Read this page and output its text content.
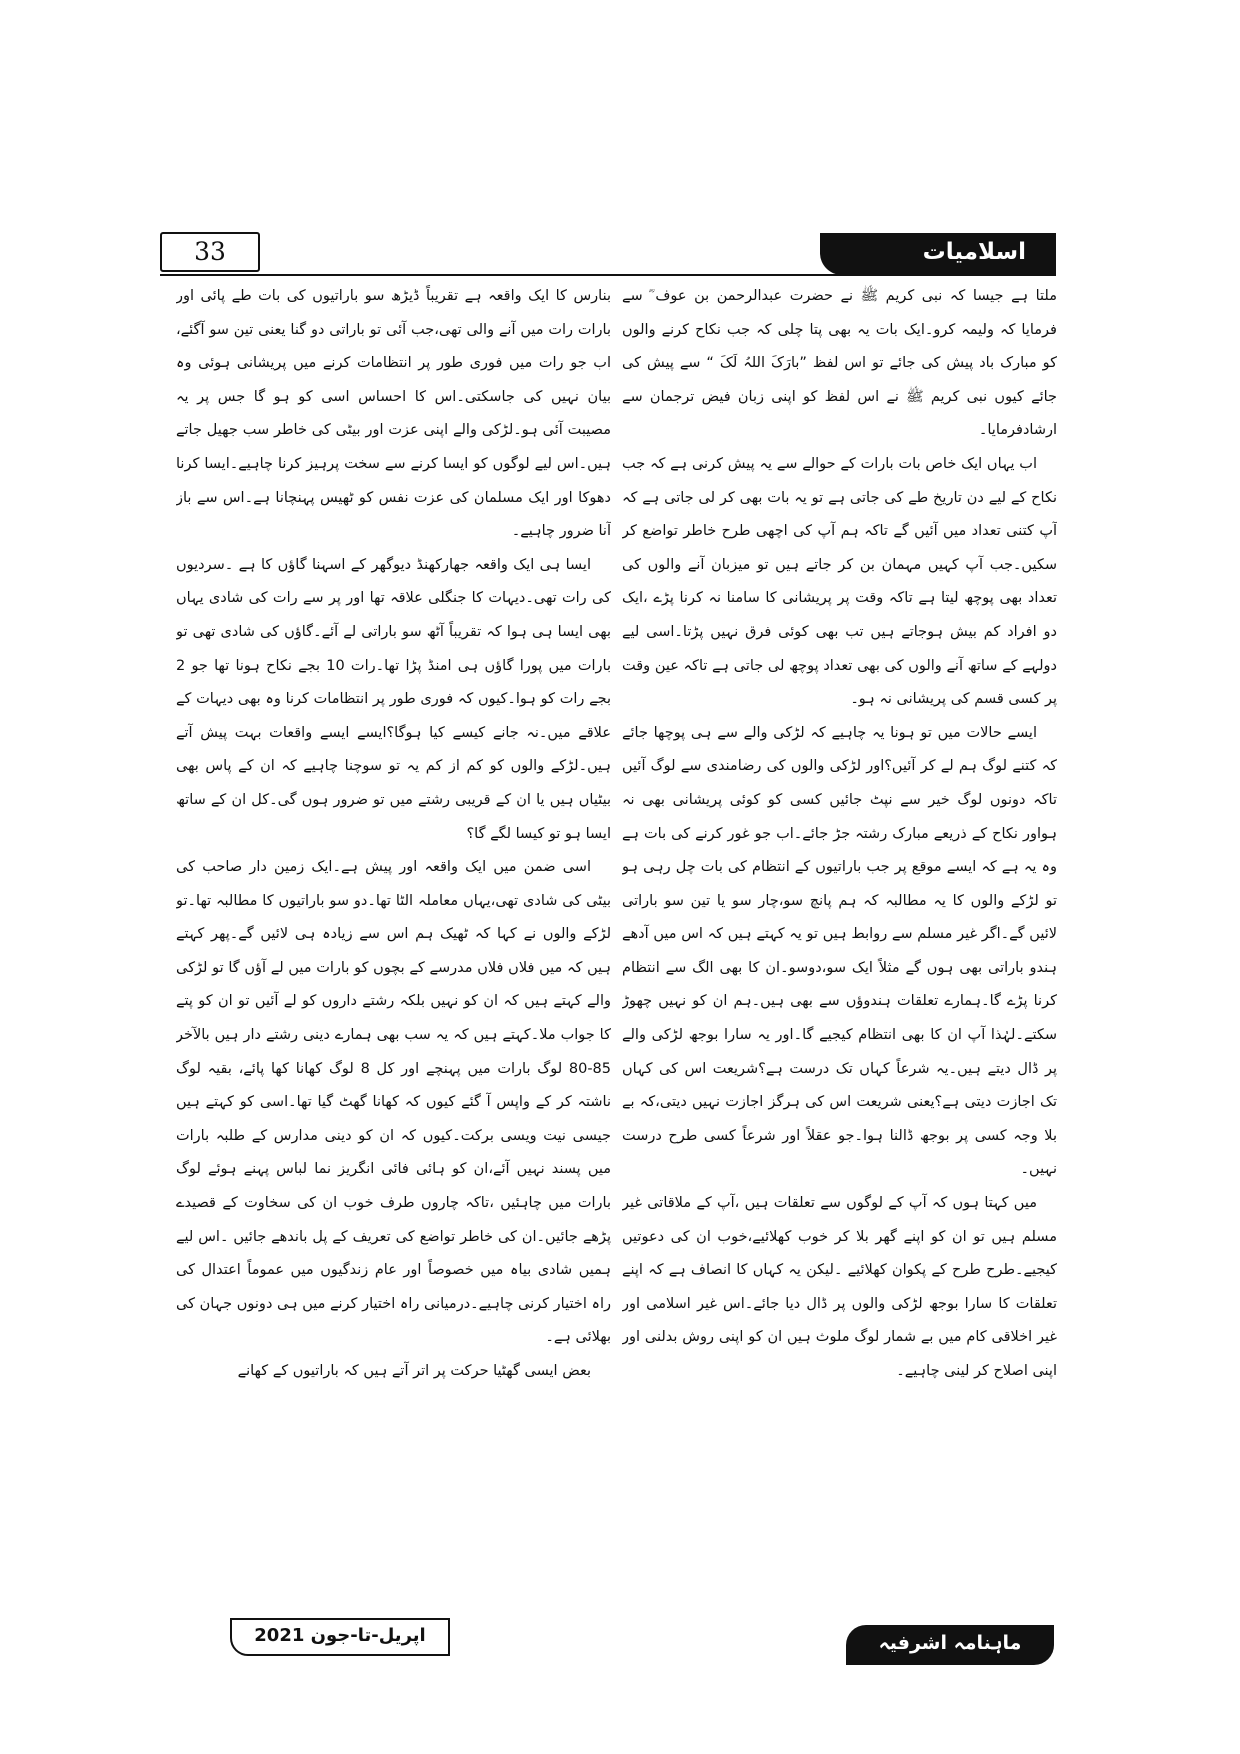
اسلامیات
33

ملتا ہے جیسا کہ نبی کریم ﷺ نے حضرت عبدالرحمن بن عوف ؓ سے فرمایا کہ ولیمہ کرو۔ایک بات یہ بھی پتا چلی کہ جب نکاح کرنے والوں کو مبارک باد پیش کی جائے تو اس لفظ ”بارَکَ اللہُ لَکَ “ سے پیش کی جائے کیوں نبی کریم ﷺ نے اس لفظ کو اپنی زبان فیض ترجمان سے ارشادفرمایا۔

اب یہاں ایک خاص بات بارات کے حوالے سے یہ پیش کرنی ہے کہ جب نکاح کے لیے دن تاریخ طے کی جاتی ہے تو یہ بات بھی کر لی جاتی ہے کہ آپ کتنی تعداد میں آئیں گے تاکہ ہم آپ کی اچھی طرح خاطر تواضع کر سکیں۔جب آپ کہیں مہمان بن کر جاتے ہیں تو میزبان آنے والوں کی تعداد بھی پوچھ لیتا ہے تاکہ وقت پر پریشانی کا سامنا نہ کرنا پڑے ،ایک دو افراد کم بیش ہوجاتے ہیں تب بھی کوئی فرق نہیں پڑتا۔اسی لیے دولہے کے ساتھ آنے والوں کی بھی تعداد پوچھ لی جاتی ہے تاکہ عین وقت پر کسی قسم کی پریشانی نہ ہو۔

ایسے حالات میں تو ہونا یہ چاہیے کہ لڑکی والے سے ہی پوچھا جائے کہ کتنے لوگ ہم لے کر آئیں؟اور لڑکی والوں کی رضامندی سے لوگ آئیں تاکہ دونوں لوگ خیر سے نپٹ جائیں کسی کو کوئی پریشانی بھی نہ ہواور نکاح کے ذریعے مبارک رشتہ جڑ جائے۔اب جو غور کرنے کی بات ہے وہ یہ ہے کہ ایسے موقع پر جب باراتیوں کے انتظام کی بات چل رہی ہو تو لڑکے والوں کا یہ مطالبہ کہ ہم پانچ سو،چار سو یا تین سو باراتی لائیں گے۔اگر غیر مسلم سے روابط ہیں تو یہ کہتے ہیں کہ اس میں آدھے ہندو باراتی بھی ہوں گے مثلاً ایک سو،دوسو۔ان کا بھی الگ سے انتظام کرنا پڑے گا۔ہمارے تعلقات ہندوؤں سے بھی ہیں۔ہم ان کو نہیں چھوڑ سکتے۔لہٰذا آپ ان کا بھی انتظام کیجیے گا۔اور یہ سارا بوجھ لڑکی والے پر ڈال دیتے ہیں۔یہ شرعاً کہاں تک درست ہے؟شریعت اس کی کہاں تک اجازت دیتی ہے؟یعنی شریعت اس کی ہرگز اجازت نہیں دیتی،کہ بے بلا وجہ کسی پر بوجھ ڈالنا ہوا۔جو عقلاً اور شرعاً کسی طرح درست نہیں۔

میں کہتا ہوں کہ آپ کے لوگوں سے تعلقات ہیں ،آپ کے ملاقاتی غیر مسلم ہیں تو ان کو اپنے گھر بلا کر خوب کھلائیے،خوب ان کی دعوتیں کیجیے۔طرح طرح کے پکوان کھلائیے ۔لیکن یہ کہاں کا انصاف ہے کہ اپنے تعلقات کا سارا بوجھ لڑکی والوں پر ڈال دیا جائے۔اس غیر اسلامی اور غیر اخلاقی کام میں بے شمار لوگ ملوث ہیں ان کو اپنی روش بدلنی اور اپنی اصلاح کر لینی چاہیے۔

بنارس کا ایک واقعہ ہے تقریباً ڈیڑھ سو باراتیوں کی بات طے پائی اور بارات رات میں آنے والی تھی،جب آئی تو باراتی دو گنا یعنی تین سو آگئے، اب جو رات میں فوری طور پر انتظامات کرنے میں پریشانی ہوئی وہ بیان نہیں کی جاسکتی۔اس کا احساس اسی کو ہو گا جس پر یہ مصیبت آئی ہو۔لڑکی والے اپنی عزت اور بیٹی کی خاطر سب جھیل جاتے ہیں۔اس لیے لوگوں کو ایسا کرنے سے سخت پرہیز کرنا چاہیے۔ایسا کرنا دھوکا اور ایک مسلمان کی عزت نفس کو ٹھیس پہنچانا ہے۔اس سے باز آنا ضرور چاہیے۔

ایسا ہی ایک واقعہ جھارکھنڈ دیوگھر کے اسہنا گاؤں کا ہے ۔سردیوں کی رات تھی۔دیہات کا جنگلی علاقہ تھا اور پر سے رات کی شادی یہاں بھی ایسا ہی ہوا کہ تقریباً آٹھ سو باراتی لے آئے۔گاؤں کی شادی تھی تو بارات میں پورا گاؤں ہی امنڈ پڑا تھا۔رات 10 بجے نکاح ہونا تھا جو 2 بجے رات کو ہوا۔کیوں کہ فوری طور پر انتظامات کرنا وہ بھی دیہات کے علاقے میں۔نہ جانے کیسے کیا ہوگا؟ایسے ایسے واقعات بہت پیش آتے ہیں۔لڑکے والوں کو کم از کم یہ تو سوچنا چاہیے کہ ان کے پاس بھی بیٹیاں ہیں یا ان کے قریبی رشتے میں تو ضرور ہوں گی۔کل ان کے ساتھ ایسا ہو تو کیسا لگے گا؟

اسی ضمن میں ایک واقعہ اور پیش ہے۔ایک زمین دار صاحب کی بیٹی کی شادی تھی،یہاں معاملہ الٹا تھا۔دو سو باراتیوں کا مطالبہ تھا۔تو لڑکے والوں نے کہا کہ ٹھیک ہم اس سے زیادہ ہی لائیں گے۔پھر کہتے ہیں کہ میں فلاں فلاں مدرسے کے بچوں کو بارات میں لے آؤں گا تو لڑکی والے کہتے ہیں کہ ان کو نہیں بلکہ رشتے داروں کو لے آئیں تو ان کو پتے کا جواب ملا۔کہتے ہیں کہ یہ سب بھی ہمارے دینی رشتے دار ہیں بالآخر 85-80 لوگ بارات میں پہنچے اور کل 8 لوگ کھانا کھا پائے، بقیہ لوگ ناشتہ کر کے واپس آ گئے کیوں کہ کھانا گھٹ گیا تھا۔اسی کو کہتے ہیں جیسی نیت ویسی برکت۔کیوں کہ ان کو دینی مدارس کے طلبہ بارات میں پسند نہیں آئے،ان کو ہائی فائی انگریز نما لباس پہنے ہوئے لوگ بارات میں چاہئیں ،تاکہ چاروں طرف خوب ان کی سخاوت کے قصیدے پڑھے جائیں۔ان کی خاطر تواضع کی تعریف کے پل باندھے جائیں ۔اس لیے ہمیں شادی بیاہ میں خصوصاً اور عام زندگیوں میں عموماً اعتدال کی راہ اختیار کرنی چاہیے۔درمیانی راہ اختیار کرنے میں ہی دونوں جہان کی بھلائی ہے۔

بعض ایسی گھٹیا حرکت پر اتر آتے ہیں کہ باراتیوں کے کھانے

ماہنامہ اشرفیہ
اپریل-تا-جون 2021
